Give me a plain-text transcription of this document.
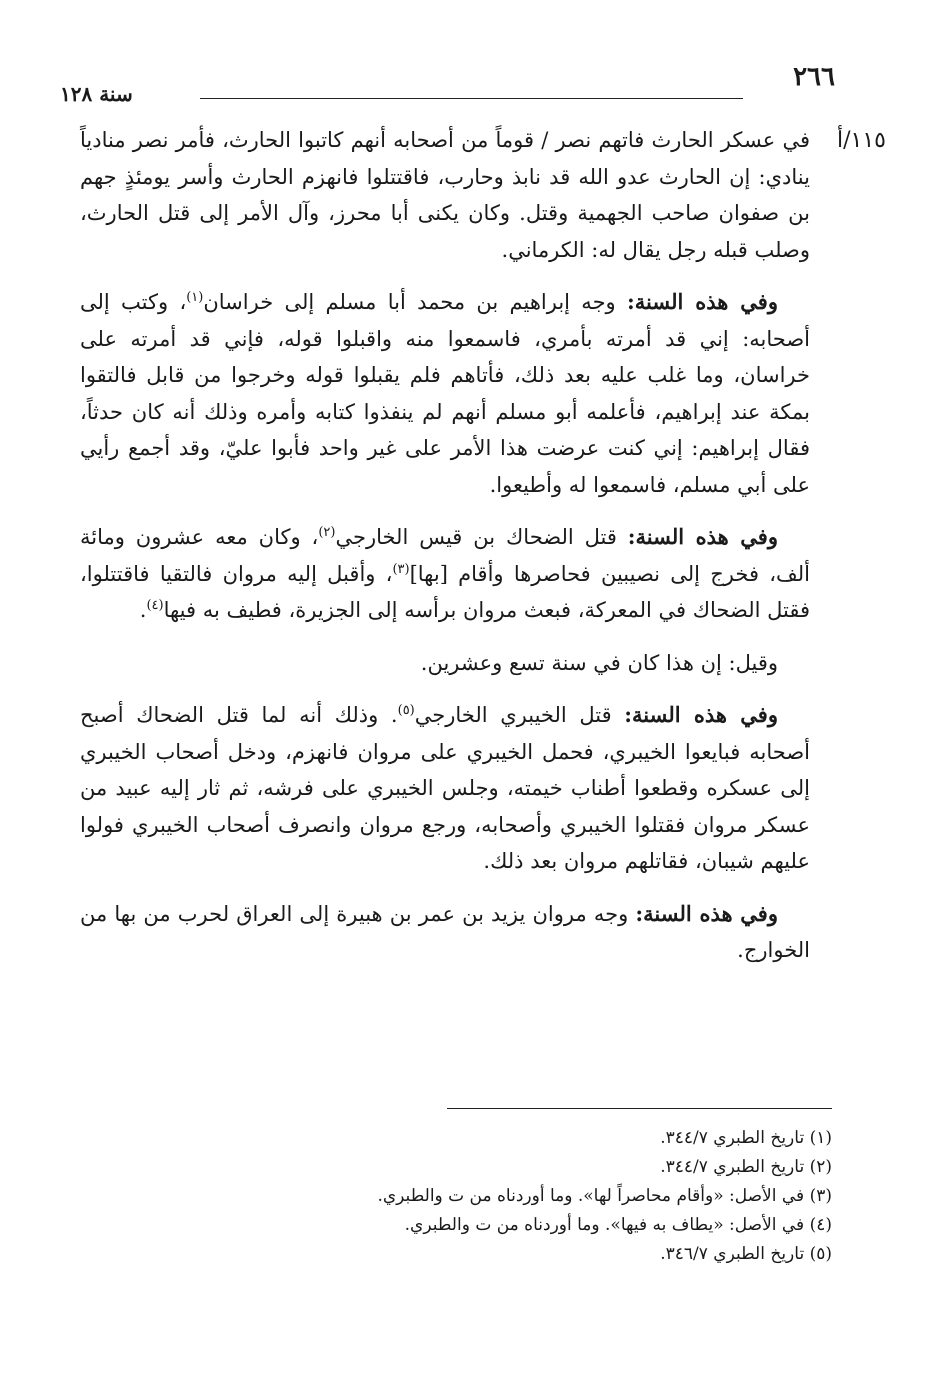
٢٦٦
سنة ١٢٨
١١٥/أ

في عسكر الحارث فاتهم نصر / قوماً من أصحابه أنهم كاتبوا الحارث، فأمر نصر منادياً ينادي: إن الحارث عدو الله قد نابذ وحارب، فاقتتلوا فانهزم الحارث وأسر يومئذٍ جهم بن صفوان صاحب الجهمية وقتل. وكان يكنى أبا محرز، وآل الأمر إلى قتل الحارث، وصلب قبله رجل يقال له: الكرماني.

وفي هذه السنة: وجه إبراهيم بن محمد أبا مسلم إلى خراسان$^{(١)}$، وكتب إلى أصحابه: إني قد أمرته بأمري، فاسمعوا منه واقبلوا قوله، فإني قد أمرته على خراسان، وما غلب عليه بعد ذلك، فأتاهم فلم يقبلوا قوله وخرجوا من قابل فالتقوا بمكة عند إبراهيم، فأعلمه أبو مسلم أنهم لم ينفذوا كتابه وأمره وذلك أنه كان حدثاً، فقال إبراهيم: إني كنت عرضت هذا الأمر على غير واحد فأبوا عليّ، وقد أجمع رأيي على أبي مسلم، فاسمعوا له وأطيعوا.

وفي هذه السنة: قتل الضحاك بن قيس الخارجي$^{(٢)}$، وكان معه عشرون ومائة ألف، فخرج إلى نصيبين فحاصرها وأقام [بها]$^{(٣)}$، وأقبل إليه مروان فالتقيا فاقتتلوا، فقتل الضحاك في المعركة، فبعث مروان برأسه إلى الجزيرة، فطيف به فيها$^{(٤)}$.

وقيل: إن هذا كان في سنة تسع وعشرين.

وفي هذه السنة: قتل الخيبري الخارجي$^{(٥)}$. وذلك أنه لما قتل الضحاك أصبح أصحابه فبايعوا الخيبري، فحمل الخيبري على مروان فانهزم، ودخل أصحاب الخيبري إلى عسكره وقطعوا أطناب خيمته، وجلس الخيبري على فرشه، ثم ثار إليه عبيد من عسكر مروان فقتلوا الخيبري وأصحابه، ورجع مروان وانصرف أصحاب الخيبري فولوا عليهم شيبان، فقاتلهم مروان بعد ذلك.

وفي هذه السنة: وجه مروان يزيد بن عمر بن هبيرة إلى العراق لحرب من بها من الخوارج.

(١) تاريخ الطبري ٣٤٤/٧.

(٢) تاريخ الطبري ٣٤٤/٧.

(٣) في الأصل: «وأقام محاصراً لها». وما أوردناه من ت والطبري.

(٤) في الأصل: «يطاف به فيها». وما أوردناه من ت والطبري.

(٥) تاريخ الطبري ٣٤٦/٧.
